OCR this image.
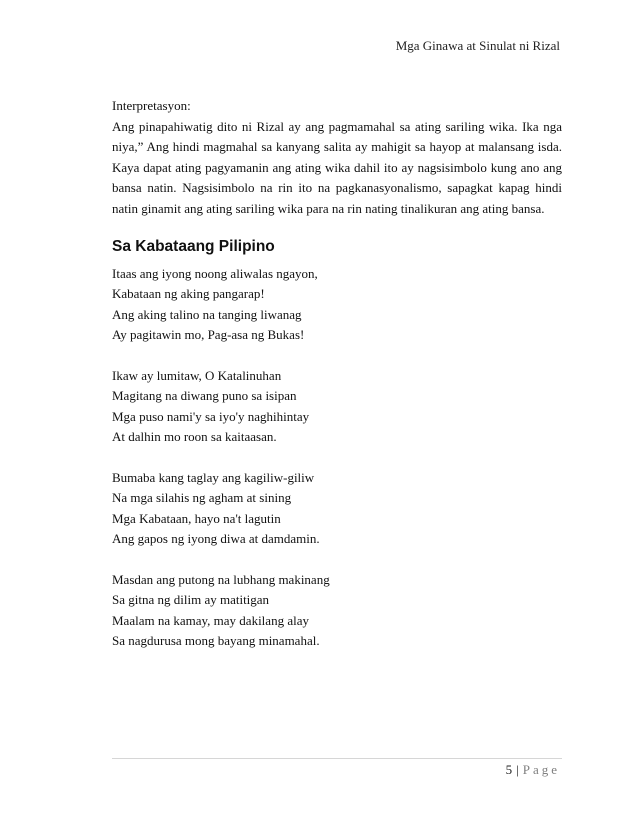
Mga Ginawa at Sinulat ni Rizal

Interpretasyon:

Ang pinapahiwatig dito ni Rizal ay ang pagmamahal sa ating sariling wika. Ika nga niya,” Ang hindi magmahal sa kanyang salita ay mahigit sa hayop at malansang isda. Kaya dapat ating pagyamanin ang ating wika dahil ito ay nagsisimbolo kung ano ang bansa natin. Nagsisimbolo na rin ito na pagkanasyonalismo, sapagkat kapag hindi natin ginamit ang ating sariling wika para na rin nating tinalikuran ang ating bansa.

Sa Kabataang Pilipino
Itaas ang iyong noong aliwalas ngayon,
Kabataan ng aking pangarap!
Ang aking talino na tanging liwanag
Ay pagitawin mo, Pag-asa ng Bukas!
Ikaw ay lumitaw, O Katalinuhan
Magitang na diwang puno sa isipan
Mga puso nami'y sa iyo'y naghihintay
At dalhin mo roon sa kaitaasan.
Bumaba kang taglay ang kagiliw-giliw
Na mga silahis ng agham at sining
Mga Kabataan, hayo na't lagutin
Ang gapos ng iyong diwa at damdamin.
Masdan ang putong na lubhang makinang
Sa gitna ng dilim ay matitigan
Maalam na kamay, may dakilang alay
Sa nagdurusa mong bayang minamahal.
5 | Page
